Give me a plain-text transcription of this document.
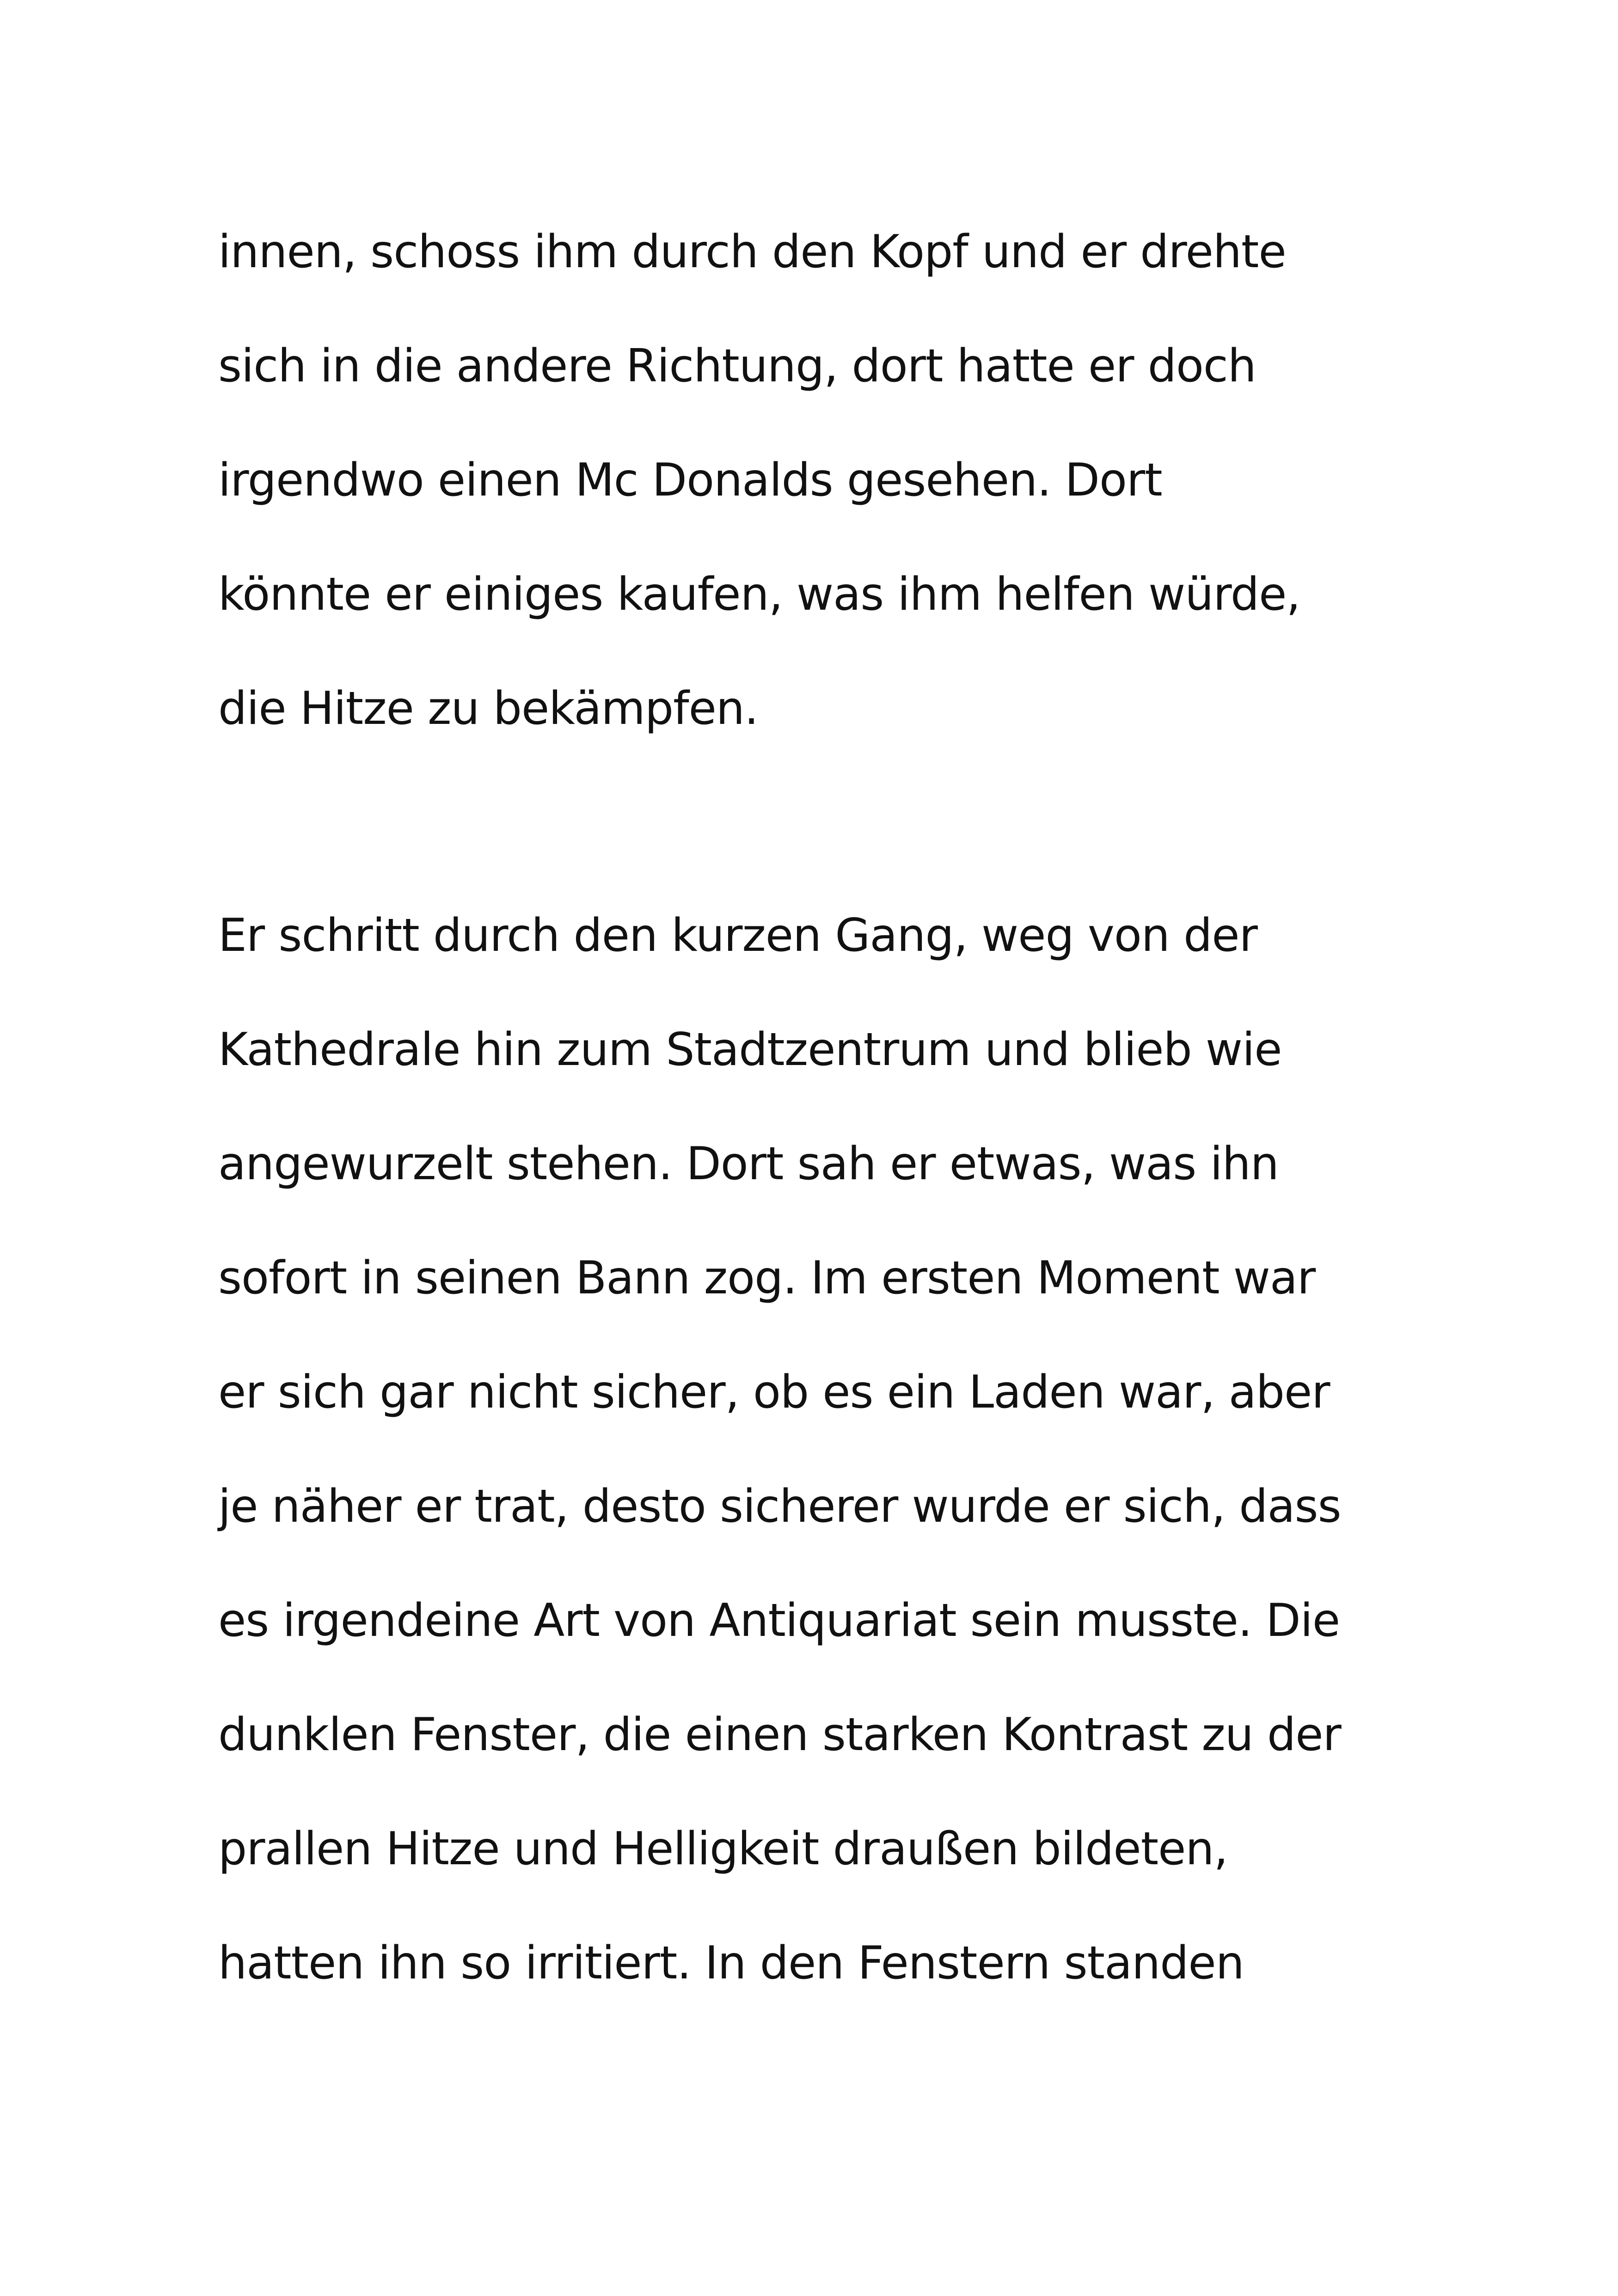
innen, schoss ihm durch den Kopf und er drehte
sich in die andere Richtung, dort hatte er doch
irgendwo einen Mc Donalds gesehen. Dort
könnte er einiges kaufen, was ihm helfen würde,
die Hitze zu bekämpfen.
Er schritt durch den kurzen Gang, weg von der
Kathedrale hin zum Stadtzentrum und blieb wie
angewurzelt stehen. Dort sah er etwas, was ihn
sofort in seinen Bann zog. Im ersten Moment war
er sich gar nicht sicher, ob es ein Laden war, aber
je näher er trat, desto sicherer wurde er sich, dass
es irgendeine Art von Antiquariat sein musste. Die
dunklen Fenster, die einen starken Kontrast zu der
prallen Hitze und Helligkeit draußen bildeten,
hatten ihn so irritiert. In den Fenstern standen
